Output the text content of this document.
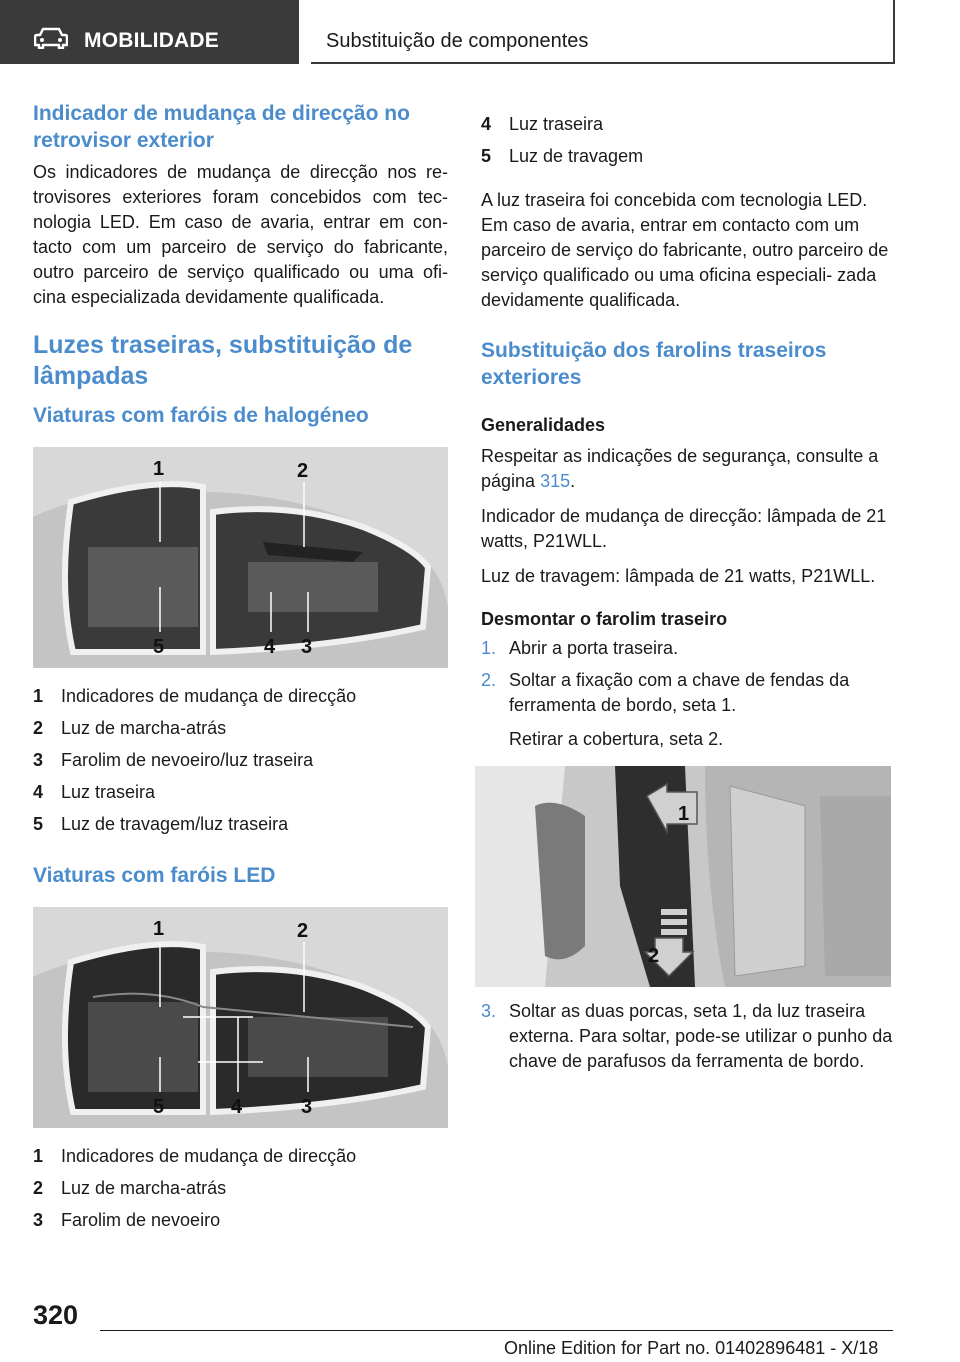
MOBILIDADE	Substituição de componentes
Indicador de mudança de direcção no retrovisor exterior

Os indicadores de mudança de direcção nos re- trovisores exteriores foram concebidos com tec- nologia LED. Em caso de avaria, entrar em con- tacto com um parceiro de serviço do fabricante, outro parceiro de serviço qualificado ou uma ofi- cina especializada devidamente qualificada.

Luzes traseiras, substituição de lâmpadas
Viaturas com faróis de halogéneo
1	2
5	4 3
1 Indicadores de mudança de direcção
2 Luz de marcha-atrás
3 Farolim de nevoeiro/luz traseira
4 Luz traseira
5 Luz de travagem/luz traseira
Viaturas com faróis LED
1	2
5	4	3
1 Indicadores de mudança de direcção
2 Luz de marcha-atrás
3 Farolim de nevoeiro
4 Luz traseira
5 Luz de travagem

A luz traseira foi concebida com tecnologia LED. Em caso de avaria, entrar em contacto com um parceiro de serviço do fabricante, outro parceiro de serviço qualificado ou uma oficina especiali- zada devidamente qualificada.

Substituição dos farolins traseiros exteriores

Generalidades

Respeitar as indicações de segurança, consulte a página 315.

Indicador de mudança de direcção: lâmpada de 21 watts, P21WLL.

Luz de travagem: lâmpada de 21 watts, P21WLL.

Desmontar o farolim traseiro

1. Abrir a porta traseira.
2. Soltar a fixação com a chave de fendas da ferramenta de bordo, seta 1.
Retirar a cobertura, seta 2.
1
2
3. Soltar as duas porcas, seta 1, da luz traseira externa. Para soltar, pode-se utilizar o punho da chave de parafusos da ferramenta de bordo.
320
Online Edition for Part no. 01402896481 - X/18
